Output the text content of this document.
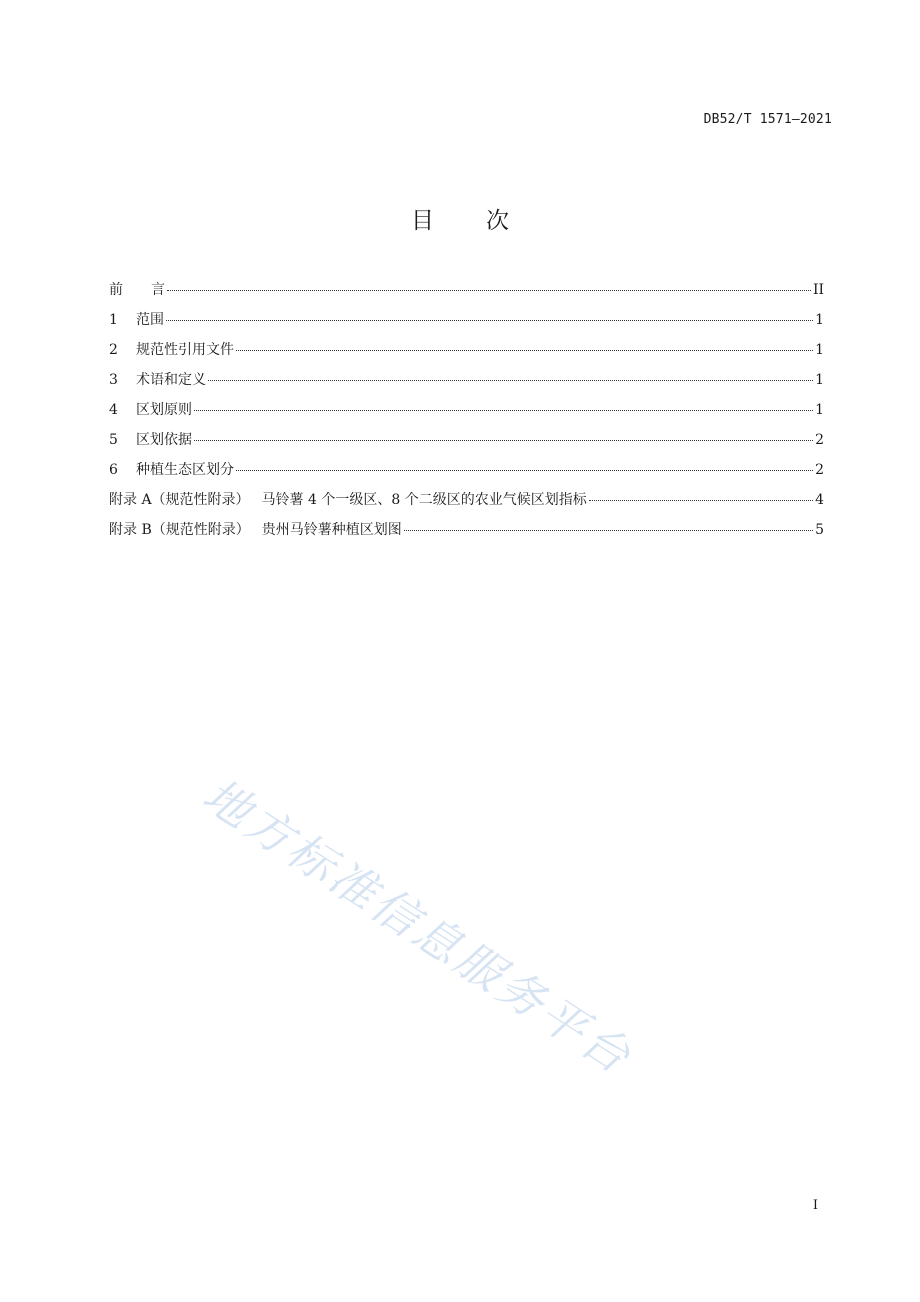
DB52/T 1571—2021
目 次
前　　言	II
1	范围	1
2	规范性引用文件	1
3	术语和定义	1
4	区划原则	1
5	区划依据	2
6	种植生态区划分	2
附录 A（规范性附录） 马铃薯 4 个一级区、8 个二级区的农业气候区划指标	4
附录 B（规范性附录） 贵州马铃薯种植区划图	5
地方标准信息服务平台
I
